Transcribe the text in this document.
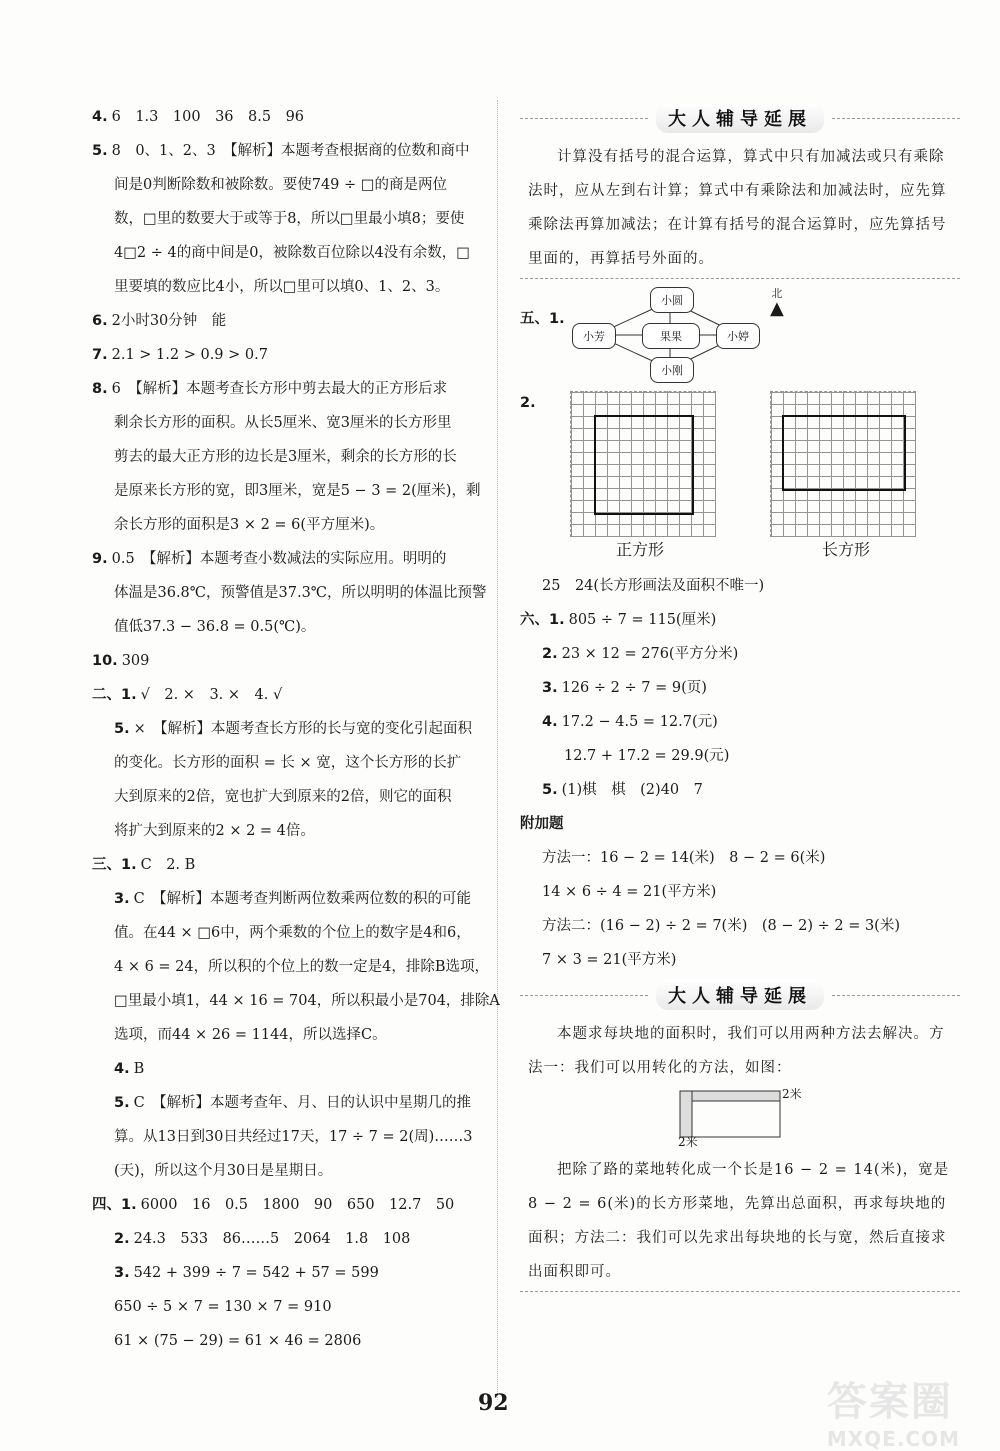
4. 6　1.3　100　36　8.5　96
5. 8　0、1、2、3　【解析】本题考查根据商的位数和商中
间是0判断除数和被除数。要使749 ÷ □的商是两位
数，□里的数要大于或等于8，所以□里最小填8；要使
4□2 ÷ 4的商中间是0，被除数百位除以4没有余数，□
里要填的数应比4小，所以□里可以填0、1、2、3。
6. 2小时30分钟　能
7. 2.1 > 1.2 > 0.9 > 0.7
8. 6　【解析】本题考查长方形中剪去最大的正方形后求
剩余长方形的面积。从长5厘米、宽3厘米的长方形里
剪去的最大正方形的边长是3厘米，剩余的长方形的长
是原来长方形的宽，即3厘米，宽是5 − 3 = 2(厘米)，剩
余长方形的面积是3 × 2 = 6(平方厘米)。
9. 0.5　【解析】本题考查小数减法的实际应用。明明的
体温是36.8℃，预警值是37.3℃，所以明明的体温比预警
值低37.3 − 36.8 = 0.5(℃)。
10. 309
二、1. √　2. ×　3. ×　4. √
5. ×　【解析】本题考查长方形的长与宽的变化引起面积
的变化。长方形的面积 = 长 × 宽，这个长方形的长扩
大到原来的2倍，宽也扩大到原来的2倍，则它的面积
将扩大到原来的2 × 2 = 4倍。
三、1. C　2. B
3. C　【解析】本题考查判断两位数乘两位数的积的可能
值。在44 × □6中，两个乘数的个位上的数字是4和6，
4 × 6 = 24，所以积的个位上的数一定是4，排除B选项，
□里最小填1，44 × 16 = 704，所以积最小是704，排除A
选项，而44 × 26 = 1144，所以选择C。
4. B
5. C　【解析】本题考查年、月、日的认识中星期几的推
算。从13日到30日共经过17天，17 ÷ 7 = 2(周)……3
(天)，所以这个月30日是星期日。
四、1. 6000　16　0.5　1800　90　650　12.7　50
2. 24.3　533　86……5　2064　1.8　108
3. 542 + 399 ÷ 7 = 542 + 57 = 599
650 ÷ 5 × 7 = 130 × 7 = 910
61 × (75 − 29) = 61 × 46 = 2806
大人辅导延展
计算没有括号的混合运算，算式中只有加减法或只有乘除法时，应从左到右计算；算式中有乘除法和加减法时，应先算乘除法再算加减法；在计算有括号的混合运算时，应先算括号里面的，再算括号外面的。
五、1.
小圆
小芳	果果	小婷
小刚
北
▲
2.
正方形	长方形
25　24(长方形画法及面积不唯一)
六、1. 805 ÷ 7 = 115(厘米)
2. 23 × 12 = 276(平方分米)
3. 126 ÷ 2 ÷ 7 = 9(页)
4. 17.2 − 4.5 = 12.7(元)
12.7 + 17.2 = 29.9(元)
5. (1)棋　棋　(2)40　7
附加题
方法一：16 − 2 = 14(米)　8 − 2 = 6(米)
14 × 6 ÷ 4 = 21(平方米)
方法二：(16 − 2) ÷ 2 = 7(米)　(8 − 2) ÷ 2 = 3(米)
7 × 3 = 21(平方米)
大人辅导延展
本题求每块地的面积时，我们可以用两种方法去解决。方法一：我们可以用转化的方法，如图：
2米
2米
把除了路的菜地转化成一个长是16 − 2 = 14(米)，宽是8 − 2 = 6(米)的长方形菜地，先算出总面积，再求每块地的面积；方法二：我们可以先求出每块地的长与宽，然后直接求出面积即可。
92	答案圈
MXQE.COM
